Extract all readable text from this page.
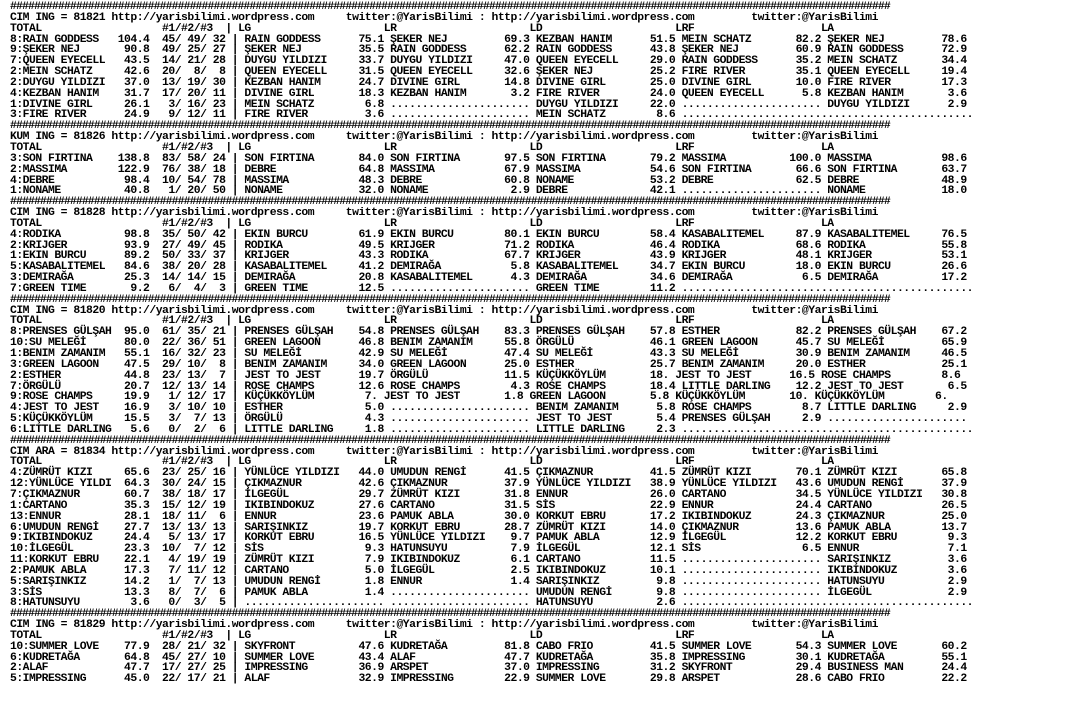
###################################################################################################################################################
CIM ING = 81821 http://yarisbilimi.wordpress.com     twitter:@YarisBilimi : http://yarisbilimi.wordpress.com         twitter:@YarisBilimi
TOTAL                   #1/#2/#3  | LG                     LR                     LD                     LRF                    LA
8:RAIN GODDESS   104.4  45/ 49/ 32 | RAIN GODDESS      75.1 ŞEKER NEJ         69.3 KEZBAN HANIM      51.5 MEIN SCHATZ       82.2 ŞEKER NEJ         78.6
9:ŞEKER NEJ       90.8  49/ 25/ 27 | ŞEKER NEJ         35.5 RAIN GODDESS      62.2 RAIN GODDESS      43.8 ŞEKER NEJ         60.9 RAIN GODDESS      72.9
7:QUEEN EYECELL   43.5  14/ 21/ 28 | DUYGU YILDIZI     33.7 DUYGU YILDIZI     47.0 QUEEN EYECELL     29.0 RAIN GODDESS      35.2 MEIN SCHATZ       34.4
2:MEIN SCHATZ     42.6  20/  8/  8 | QUEEN EYECELL     31.5 QUEEN EYECELL     32.6 ŞEKER NEJ         25.2 FIRE RIVER        35.1 QUEEN EYECELL     19.4
2:DUYGU YILDIZI   37.0  13/ 19/ 30 | KEZBAN HANIM      24.7 DIVINE GIRL       14.8 DIVINE GIRL       25.0 DIVINE GIRL       10.0 FIRE RIVER        17.3
4:KEZBAN HANIM    31.7  17/ 20/ 11 | DIVINE GIRL       18.3 KEZBAN HANIM       3.2 FIRE RIVER        24.0 QUEEN EYECELL      5.8 KEZBAN HANIM       3.6
1:DIVINE GIRL     26.1   3/ 16/ 23 | MEIN SCHATZ        6.8 ...................... DUYGU YILDIZI     22.0 ...................... DUYGU YILDIZI      2.9
3:FIRE RIVER      24.9   9/ 12/ 11 | FIRE RIVER         3.6 ...................... MEIN SCHATZ        8.6 ..............................................
###################################################################################################################################################
KUM ING = 81826 http://yarisbilimi.wordpress.com     twitter:@YarisBilimi : http://yarisbilimi.wordpress.com         twitter:@YarisBilimi
TOTAL                   #1/#2/#3  | LG                     LR                     LD                     LRF                    LA
3:SON FIRTINA    138.8  83/ 58/ 24 | SON FIRTINA       84.0 SON FIRTINA       97.5 SON FIRTINA       79.2 MASSIMA          100.0 MASSIMA           98.6
2:MASSIMA        122.9  76/ 38/ 18 | DEBRE             64.8 MASSIMA           67.9 MASSIMA           54.6 SON FIRTINA       66.6 SON FIRTINA       63.7
4:DEBRE           98.4  10/ 54/ 78 | MASSIMA           48.3 DEBRE             60.8 NONAME            53.2 DEBRE             62.5 DEBRE             48.9
1:NONAME          40.8   1/ 20/ 50 | NONAME            32.0 NONAME             2.9 DEBRE             42.1 ...................... NONAME            18.0
###################################################################################################################################################
CIM ING = 81828 http://yarisbilimi.wordpress.com     twitter:@YarisBilimi : http://yarisbilimi.wordpress.com         twitter:@YarisBilimi
TOTAL                   #1/#2/#3  | LG                     LR                     LD                     LRF                    LA
4:RODIKA          98.8  35/ 50/ 42 | EKIN BURCU        61.9 EKIN BURCU        80.1 EKIN BURCU        58.4 KASABALITEMEL     87.9 KASABALITEMEL     76.5
2:KRIJGER         93.9  27/ 49/ 45 | RODIKA            49.5 KRIJGER           71.2 RODIKA            46.4 RODIKA            68.6 RODIKA            55.8
1:EKIN BURCU      89.2  50/ 33/ 37 | KRIJGER           43.3 RODIKA            67.7 KRIJGER           43.9 KRIJGER           48.1 KRIJGER           53.1
5:KASABALITEMEL   84.6  38/ 20/ 28 | KASABALITEMEL     41.2 DEMIRAĞA           5.8 KASABALITEMEL     34.7 EKIN BURCU        18.0 EKIN BURCU        26.6
3:DEMIRAĞA        25.3  14/ 14/ 15 | DEMIRAĞA          20.8 KASABALITEMEL      4.3 DEMIRAĞA          34.6 DEMIRAĞA           6.5 DEMIRAĞA          17.2
7:GREEN TIME       9.2   6/  4/  3 | GREEN TIME        12.5 ...................... GREEN TIME        11.2 ..............................................
###################################################################################################################################################
CIM ING = 81820 http://yarisbilimi.wordpress.com     twitter:@YarisBilimi : http://yarisbilimi.wordpress.com         twitter:@YarisBilimi
TOTAL                   #1/#2/#3  | LG                     LR                     LD                     LRF                    LA
8:PRENSES GÜLŞAH  95.0  61/ 35/ 21 | PRENSES GÜLŞAH    54.8 PRENSES GÜLŞAH    83.3 PRENSES GÜLŞAH    57.8 ESTHER            82.2 PRENSES GÜLŞAH    67.2
10:SU MELEĞİ      80.0  22/ 36/ 51 | GREEN LAGOON      46.8 BENIM ZAMANIM     55.8 ÖRGÜLÜ            46.1 GREEN LAGOON      45.7 SU MELEĞİ         65.9
1:BENIM ZAMANIM   55.1  16/ 32/ 23 | SU MELEĞİ         42.9 SU MELEĞİ         47.4 SU MELEĞİ         43.3 SU MELEĞİ         30.9 BENIM ZAMANIM     46.5
3:GREEN LAGOON    47.5  29/ 10/  8 | BENIM ZAMANIM     34.0 GREEN LAGOON      25.0 ESTHER            25.7 BENIM ZAMANIM     20.0 ESTHER            25.1
2:ESTHER          44.8  23/ 13/  7 | JEST TO JEST      19.7 ÖRGÜLÜ            11.5 KÜÇÜKKÖYLÜM       18. JEST TO JEST      16.5 ROSE CHAMPS        8.6
7:ÖRGÜLÜ          20.7  12/ 13/ 14 | ROSE CHAMPS       12.6 ROSE CHAMPS        4.3 ROSE CHAMPS       18.4 LITTLE DARLING    12.2 JEST TO JEST       6.5
9:ROSE CHAMPS     19.9   1/ 12/ 17 | KÜÇÜKKÖYLÜM        7. JEST TO JEST       1.8 GREEN LAGOON       5.8 KÜÇÜKKÖYLÜM       10. KÜÇÜKKÖYLÜM        6.
4:JEST TO JEST    16.9   3/ 10/ 10 | ESTHER             5.0 ...................... BENIM ZAMANIM      5.8 ROSE CHAMPS        8.7 LITTLE DARLING     2.9
5:KÜÇÜKKÖYLÜM     15.5   3/  7/ 13 | ÖRGÜLÜ             4.3 ...................... JEST TO JEST       5.4 PRENSES GÜLŞAH     2.9 ......................
6:LITTLE DARLING   5.6   0/  2/  6 | LITTLE DARLING     1.8 ...................... LITTLE DARLING     2.3 ..............................................
###################################################################################################################################################
CIM ARA = 81834 http://yarisbilimi.wordpress.com     twitter:@YarisBilimi : http://yarisbilimi.wordpress.com         twitter:@YarisBilimi
TOTAL                   #1/#2/#3  | LG                     LR                     LD                     LRF                    LA
4:ZÜMRÜT KIZI     65.6  23/ 25/ 16 | YÜNLÜCE YILDIZI   44.0 UMUDUN RENGİ      41.5 ÇIKMAZNUR         41.5 ZÜMRÜT KIZI       70.1 ZÜMRÜT KIZI       65.8
12:YÜNLÜCE YILDI  64.3  30/ 24/ 15 | ÇIKMAZNUR         42.6 ÇIKMAZNUR         37.9 YÜNLÜCE YILDIZI   38.9 YÜNLÜCE YILDIZI   43.6 UMUDUN RENGİ      37.9
7:ÇIKMAZNUR       60.7  38/ 18/ 17 | İLGEGÜL           29.7 ZÜMRÜT KIZI       31.8 ENNUR             26.0 CARTANO           34.5 YÜNLÜCE YILDIZI   30.8
1:CARTANO         35.3  15/ 12/ 19 | IKIBINDOKUZ       27.6 CARTANO           31.5 SİS               22.9 ENNUR             24.4 CARTANO           26.5
13:ENNUR          28.1  18/ 11/  6 | ENNUR             23.6 PAMUK ABLA        30.0 KORKUT EBRU       17.2 IKIBINDOKUZ       24.3 ÇIKMAZNUR         25.0
6:UMUDUN RENGİ    27.7  13/ 13/ 13 | SARIŞINKIZ        19.7 KORKUT EBRU       28.7 ZÜMRÜT KIZI       14.0 ÇIKMAZNUR         13.6 PAMUK ABLA        13.7
9:IKIBINDOKUZ     24.4   5/ 13/ 17 | KORKUT EBRU       16.5 YÜNLÜCE YILDIZI    9.7 PAMUK ABLA        12.9 İLGEGÜL           12.2 KORKUT EBRU        9.3
10:İLGEGÜL        23.3  10/  7/ 12 | SİS                9.3 HATUNSUYU          7.9 İLGEGÜL           12.1 SİS                6.5 ENNUR              7.1
11:KORKUT EBRU    22.1   4/ 19/ 19 | ZÜMRÜT KIZI        7.9 IKIBINDOKUZ        6.1 CARTANO           11.5 ...................... SARIŞINKIZ         3.6
2:PAMUK ABLA      17.3   7/ 11/ 12 | CARTANO            5.0 İLGEGÜL            2.5 IKIBINDOKUZ       10.1 ...................... IKIBINDOKUZ        3.6
5:SARIŞINKIZ      14.2   1/  7/ 13 | UMUDUN RENGİ       1.8 ENNUR              1.4 SARIŞINKIZ         9.8 ...................... HATUNSUYU          2.9
3:SİS             13.3   8/  7/  6 | PAMUK ABLA         1.4 ...................... UMUDUN RENGİ       9.8 ...................... İLGEGÜL            2.9
8:HATUNSUYU        3.6   0/  3/  5 | ...................... ...................... HATUNSUYU          2.6 ..............................................
###################################################################################################################################################
CIM ING = 81829 http://yarisbilimi.wordpress.com     twitter:@YarisBilimi : http://yarisbilimi.wordpress.com         twitter:@YarisBilimi
TOTAL                   #1/#2/#3  | LG                     LR                     LD                     LRF                    LA
10:SUMMER LOVE    77.9  28/ 21/ 32 | SKYFRONT          47.6 KUDRETAĞA         81.8 CABO FRIO         41.5 SUMMER LOVE       54.3 SUMMER LOVE       60.2
6:KUDRETAĞA       64.8  45/ 27/ 10 | SUMMER LOVE       43.4 ALAF              47.7 KUDRETAĞA         35.8 IMPRESSING        30.1 KUDRETAĞA         55.1
2:ALAF            47.7  17/ 27/ 25 | IMPRESSING        36.9 ARSPET            37.0 IMPRESSING        31.2 SKYFRONT          29.4 BUSINESS MAN      24.4
5:IMPRESSING      45.0  22/ 17/ 21 | ALAF              32.9 IMPRESSING        22.9 SUMMER LOVE       29.8 ARSPET            28.6 CABO FRIO         22.2
